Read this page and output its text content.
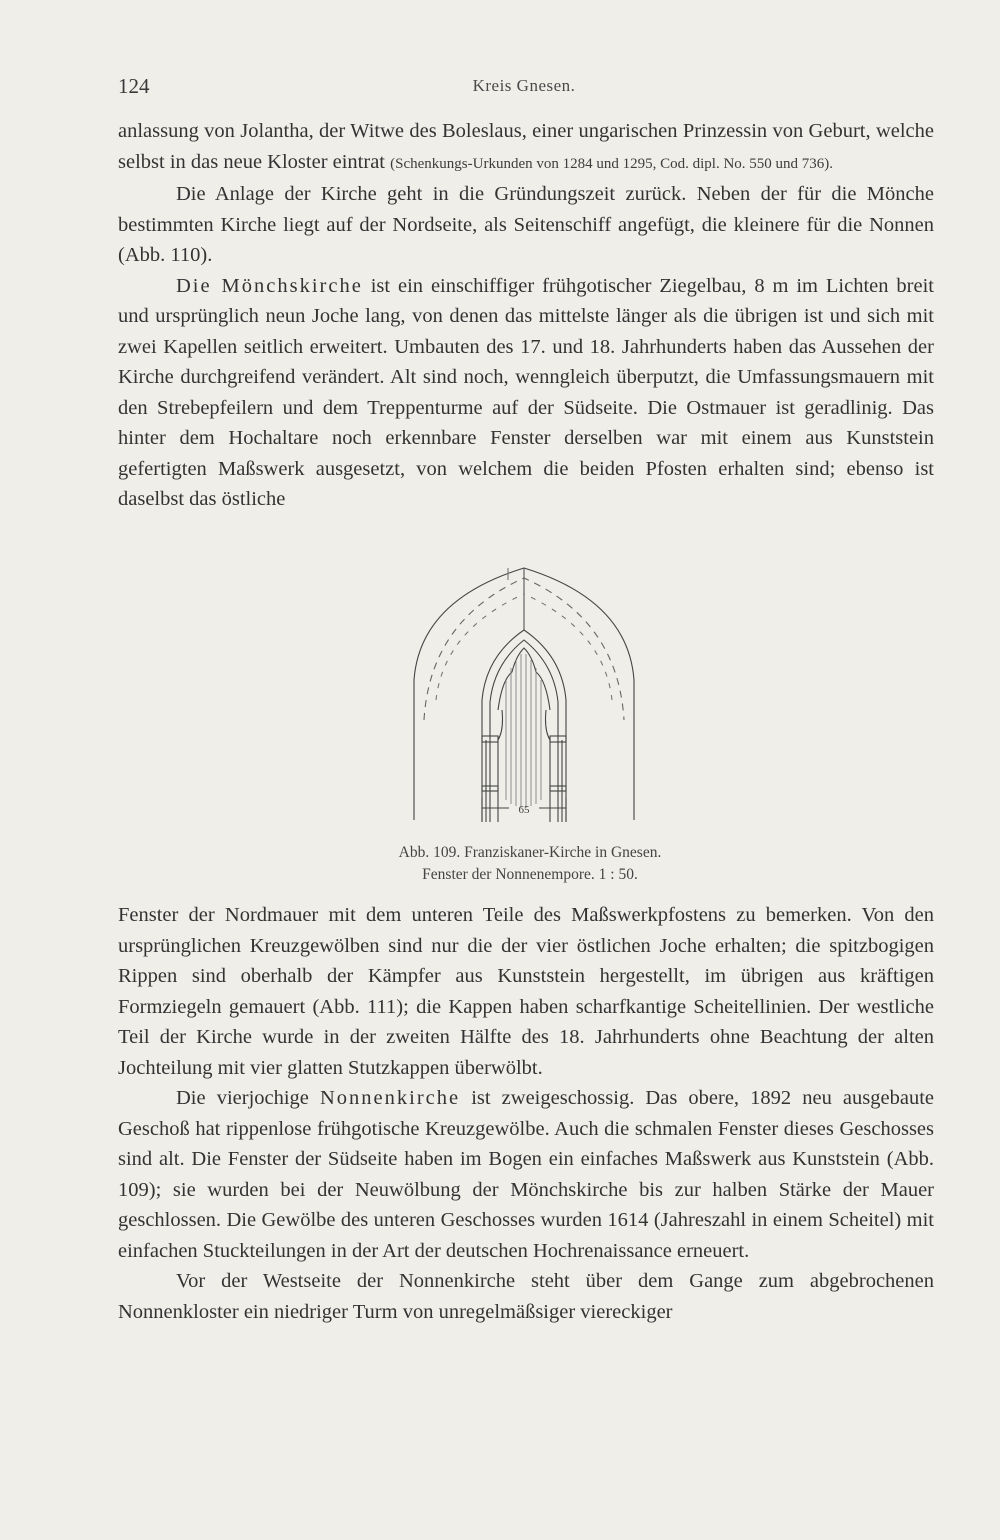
124	Kreis Gnesen.

anlassung von Jolantha, der Witwe des Boleslaus, einer ungarischen Prinzessin von Geburt, welche selbst in das neue Kloster eintrat (Schenkungs-Urkunden von 1284 und 1295, Cod. dipl. No. 550 und 736).

Die Anlage der Kirche geht in die Gründungszeit zurück. Neben der für die Mönche bestimmten Kirche liegt auf der Nordseite, als Seitenschiff angefügt, die kleinere für die Nonnen (Abb. 110).

Die Mönchskirche ist ein einschiffiger frühgotischer Ziegelbau, 8 m im Lichten breit und ursprünglich neun Joche lang, von denen das mittelste länger als die übrigen ist und sich mit zwei Kapellen seitlich erweitert. Umbauten des 17. und 18. Jahrhunderts haben das Aussehen der Kirche durchgreifend verändert. Alt sind noch, wenngleich überputzt, die Umfassungsmauern mit den Strebepfeilern und dem Treppenturme auf der Südseite. Die Ostmauer ist geradlinig. Das hinter dem Hochaltare noch erkennbare Fenster derselben war mit einem aus Kunststein gefertigten Maßswerk ausgesetzt, von welchem die beiden Pfosten erhalten sind; ebenso ist daselbst das östliche

65
Abb. 109. Franziskaner-Kirche in Gnesen.
Fenster der Nonnenempore. 1 : 50.

Fenster der Nordmauer mit dem unteren Teile des Maßswerkpfostens zu bemerken. Von den ursprünglichen Kreuzgewölben sind nur die der vier östlichen Joche erhalten; die spitzbogigen Rippen sind oberhalb der Kämpfer aus Kunststein hergestellt, im übrigen aus kräftigen Formziegeln gemauert (Abb. 111); die Kappen haben scharfkantige Scheitellinien. Der westliche Teil der Kirche wurde in der zweiten Hälfte des 18. Jahrhunderts ohne Beachtung der alten Jochteilung mit vier glatten Stutzkappen überwölbt.

Die vierjochige Nonnenkirche ist zweigeschossig. Das obere, 1892 neu ausgebaute Geschoß hat rippenlose frühgotische Kreuzgewölbe. Auch die schmalen Fenster dieses Geschosses sind alt. Die Fenster der Südseite haben im Bogen ein einfaches Maßswerk aus Kunststein (Abb. 109); sie wurden bei der Neuwölbung der Mönchskirche bis zur halben Stärke der Mauer geschlossen. Die Gewölbe des unteren Geschosses wurden 1614 (Jahreszahl in einem Scheitel) mit einfachen Stuckteilungen in der Art der deutschen Hochrenaissance erneuert.

Vor der Westseite der Nonnenkirche steht über dem Gange zum abgebrochenen Nonnenkloster ein niedriger Turm von unregelmäßsiger viereckiger
